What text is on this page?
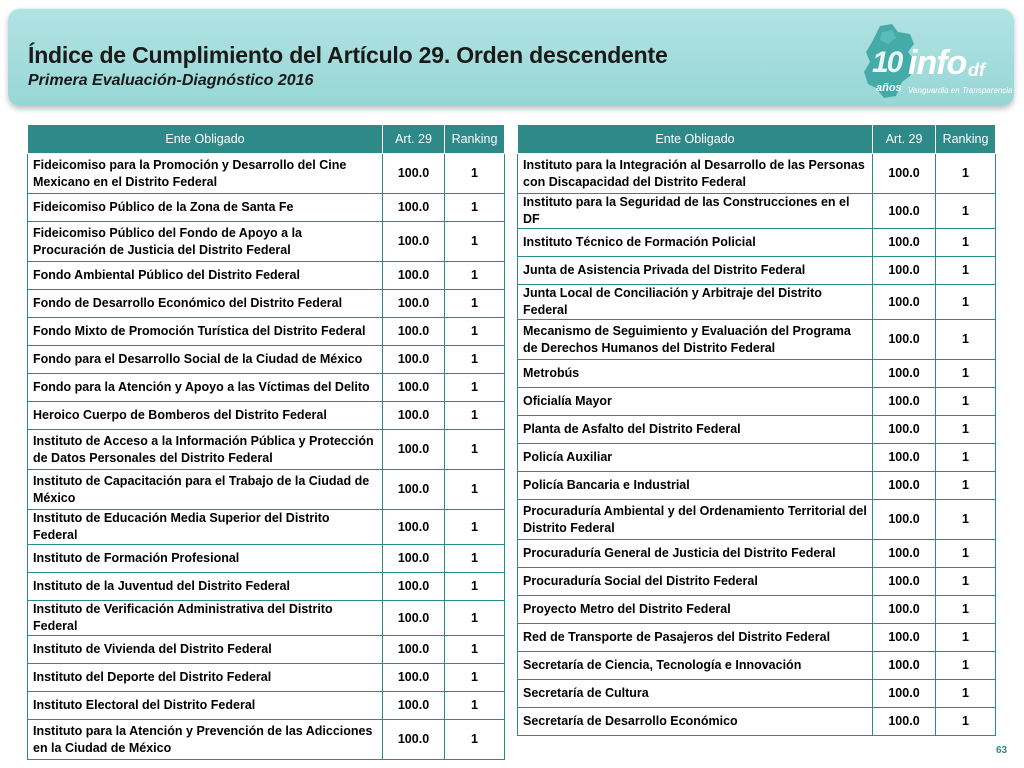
Índice de Cumplimiento del Artículo 29. Orden descendente
Primera Evaluación-Diagnóstico 2016
10 info df
años Vanguardia en Transparencia
Ente Obligado	Art. 29	Ranking
Fideicomiso para la Promoción y Desarrollo del Cine Mexicano en el Distrito Federal	100.0	1
Fideicomiso Público de la Zona de Santa Fe	100.0	1
Fideicomiso Público del Fondo de Apoyo a la Procuración de Justicia del Distrito Federal	100.0	1
Fondo Ambiental Público del Distrito Federal	100.0	1
Fondo de Desarrollo Económico del Distrito Federal	100.0	1
Fondo Mixto de Promoción Turística del Distrito Federal	100.0	1
Fondo para el Desarrollo Social de la Ciudad de México	100.0	1
Fondo para la Atención y Apoyo a las Víctimas del Delito	100.0	1
Heroico Cuerpo de Bomberos del Distrito Federal	100.0	1
Instituto de Acceso a la Información Pública y Protección de Datos Personales del Distrito Federal	100.0	1
Instituto de Capacitación para el Trabajo de la Ciudad de México	100.0	1
Instituto de Educación Media Superior del Distrito Federal	100.0	1
Instituto de Formación Profesional	100.0	1
Instituto de la Juventud del Distrito Federal	100.0	1
Instituto de Verificación Administrativa del Distrito Federal	100.0	1
Instituto de Vivienda del Distrito Federal	100.0	1
Instituto del Deporte del Distrito Federal	100.0	1
Instituto Electoral del Distrito Federal	100.0	1
Instituto para la Atención y Prevención de las Adicciones en la Ciudad de México	100.0	1
Ente Obligado	Art. 29	Ranking
Instituto para la Integración al Desarrollo de las Personas con Discapacidad del Distrito Federal	100.0	1
Instituto para la Seguridad de las Construcciones en el DF	100.0	1
Instituto Técnico de Formación Policial	100.0	1
Junta de Asistencia Privada del Distrito Federal	100.0	1
Junta Local de Conciliación y Arbitraje del Distrito Federal	100.0	1
Mecanismo de Seguimiento y Evaluación del Programa de Derechos Humanos del Distrito Federal	100.0	1
Metrobús	100.0	1
Oficialía Mayor	100.0	1
Planta de Asfalto del Distrito Federal	100.0	1
Policía Auxiliar	100.0	1
Policía Bancaria e Industrial	100.0	1
Procuraduría Ambiental y del Ordenamiento Territorial del Distrito Federal	100.0	1
Procuraduría General de Justicia del Distrito Federal	100.0	1
Procuraduría Social del Distrito Federal	100.0	1
Proyecto Metro del Distrito Federal	100.0	1
Red de Transporte de Pasajeros del Distrito Federal	100.0	1
Secretaría de Ciencia, Tecnología e Innovación	100.0	1
Secretaría de Cultura	100.0	1
Secretaría de Desarrollo Económico	100.0	1
63
